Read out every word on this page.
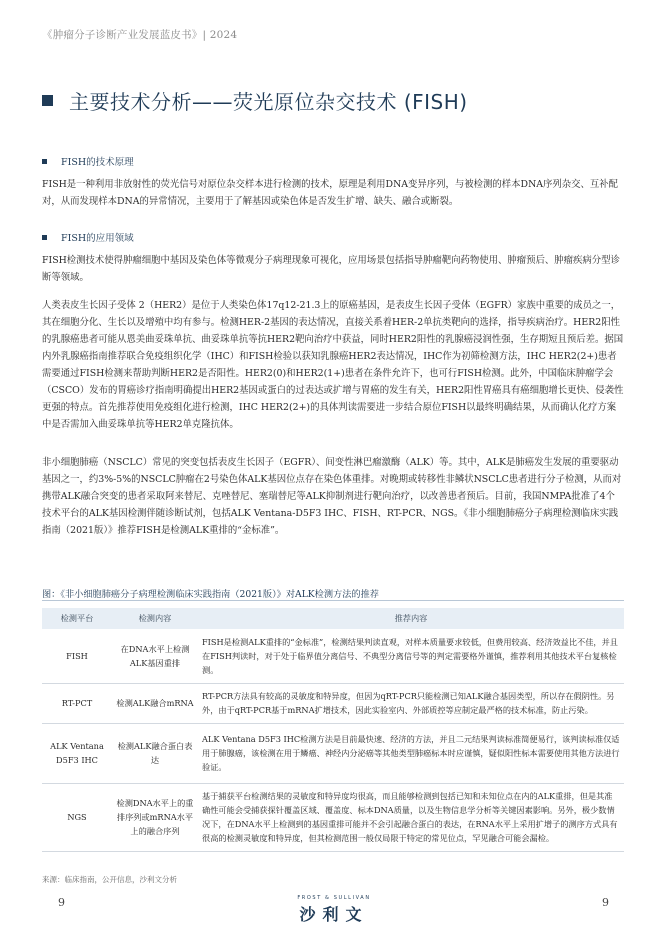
《肿瘤分子诊断产业发展蓝皮书》| 2024
主要技术分析——荧光原位杂交技术 (FISH)
FISH的技术原理

FISH是一种利用非放射性的荧光信号对原位杂交样本进行检测的技术，原理是利用DNA变异序列，与被检测的样本DNA序列杂交、互补配对，从而发现样本DNA的异常情况，主要用于了解基因或染色体是否发生扩增、缺失、融合或断裂。

FISH的应用领域

FISH检测技术使得肿瘤细胞中基因及染色体等微观分子病理现象可视化，应用场景包括指导肿瘤靶向药物使用、肿瘤预后、肿瘤疾病分型诊断等领域。

人类表皮生长因子受体 2（HER2）是位于人类染色体17q12-21.3上的原癌基因，是表皮生长因子受体（EGFR）家族中重要的成员之一，其在细胞分化、生长以及增殖中均有参与。检测HER-2基因的表达情况，直接关系着HER-2单抗类靶向的选择，指导疾病治疗。HER2阳性的乳腺癌患者可能从恩美曲妥珠单抗、曲妥珠单抗等抗HER2靶向治疗中获益，同时HER2阳性的乳腺癌浸润性强，生存期短且预后差。据国内外乳腺癌指南推荐联合免疫组织化学（IHC）和FISH检验以获知乳腺癌HER2表达情况，IHC作为初筛检测方法，IHC HER2(2+)患者需要通过FISH检测来帮助判断HER2是否阳性。HER2(0)和HER2(1+)患者在条件允许下，也可行FISH检测。此外，中国临床肿瘤学会（CSCO）发布的胃癌诊疗指南明确提出HER2基因或蛋白的过表达或扩增与胃癌的发生有关，HER2阳性胃癌具有癌细胞增长更快、侵袭性更强的特点。首先推荐使用免疫组化进行检测，IHC HER2(2+)的具体判读需要进一步结合原位FISH以最终明确结果，从而确认化疗方案中是否需加入曲妥珠单抗等HER2单克隆抗体。

非小细胞肺癌（NSCLC）常见的突变包括表皮生长因子（EGFR）、间变性淋巴瘤激酶（ALK）等。其中，ALK是肺癌发生发展的重要驱动基因之一，约3%-5%的NSCLC肿瘤在2号染色体ALK基因位点存在染色体重排。对晚期或转移性非鳞状NSCLC患者进行分子检测，从而对携带ALK融合突变的患者采取阿来替尼、克唑替尼、塞瑞替尼等ALK抑制剂进行靶向治疗，以改善患者预后。目前，我国NMPA批准了4个技术平台的ALK基因检测伴随诊断试剂，包括ALK Ventana-D5F3 IHC、FISH、RT-PCR、NGS。《非小细胞肺癌分子病理检测临床实践指南（2021版）》推荐FISH是检测ALK重排的“金标准”。

图：《非小细胞肺癌分子病理检测临床实践指南（2021版）》对ALK检测方法的推荐
检测平台	检测内容	推荐内容
FISH	在DNA水平上检测ALK基因重排	FISH是检测ALK重排的“金标准”，检测结果判读直观，对样本质量要求较低，但费用较高、经济效益比不佳，并且在FISH判读时，对于处于临界值分离信号、不典型分离信号等的判定需要格外谨慎，推荐利用其他技术平台复核检测。
RT-PCT	检测ALK融合mRNA	RT-PCR方法具有较高的灵敏度和特异度，但因为qRT-PCR只能检测已知ALK融合基因类型，所以存在假阴性。另外，由于qRT-PCR基于mRNA扩增技术，因此实验室内、外部质控等应制定最严格的技术标准，防止污染。
ALK Ventana D5F3 IHC	检测ALK融合蛋白表达	ALK Ventana D5F3 IHC检测方法是目前最快速、经济的方法，并且二元结果判读标准简便易行，该判读标准仅适用于肺腺癌，该检测在用于鳞癌、神经内分泌癌等其他类型肺癌标本时应谨慎，疑似阳性标本需要使用其他方法进行验证。
NGS	检测DNA水平上的重排序列或mRNA水平上的融合序列	基于捕获平台检测结果的灵敏度和特异度均很高，而且能够检测到包括已知和未知位点在内的ALK重排，但是其准确性可能会受捕获探针覆盖区域、覆盖度、标本DNA质量，以及生物信息学分析等关键因素影响。另外，极少数情况下，在DNA水平上检测到的基因重排可能并不会引起融合蛋白的表达，在RNA水平上采用扩增子的测序方式具有很高的检测灵敏度和特异度，但其检测范围一般仅局限于特定的常见位点，罕见融合可能会漏检。
来源：临床指南，公开信息，沙利文分析
9	FROST & SULLIVAN
沙利文
9
